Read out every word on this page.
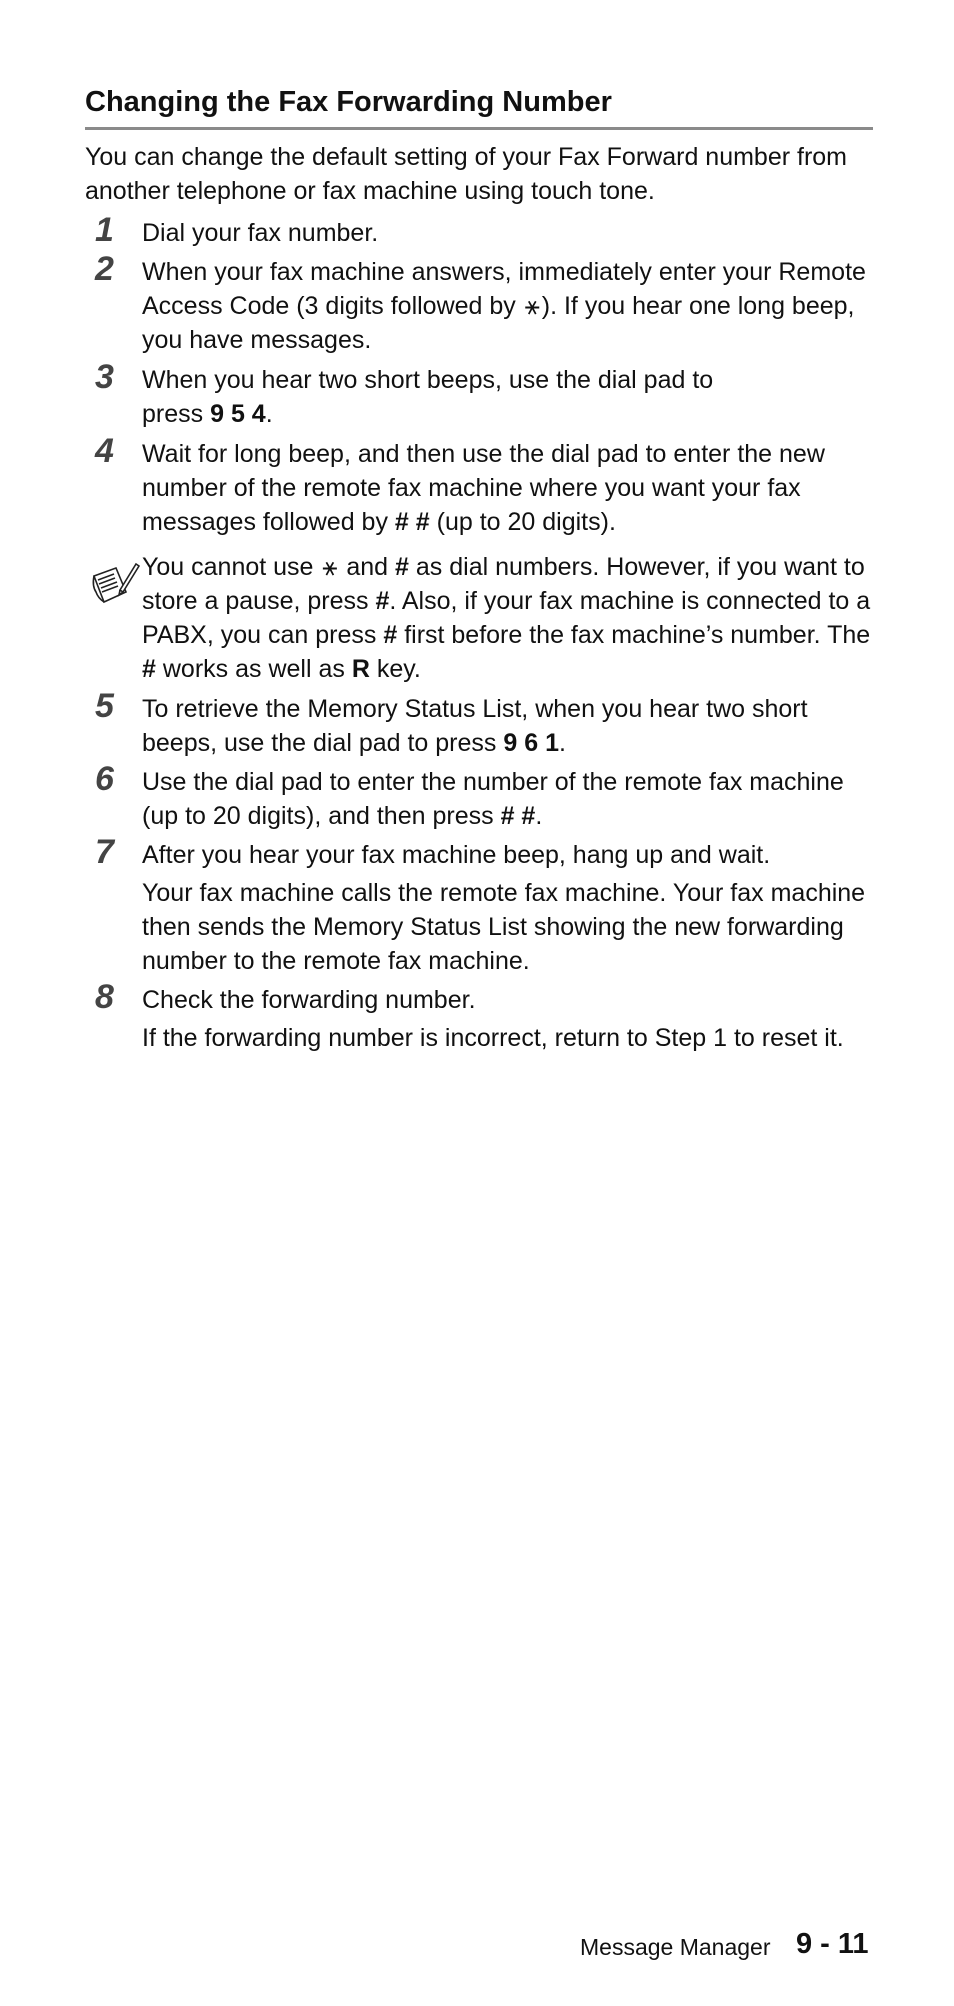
Changing the Fax Forwarding Number
You can change the default setting of your Fax Forward number from another telephone or fax machine using touch tone.
1	Dial your fax number.
2	When your fax machine answers, immediately enter your Remote Access Code (3 digits followed by ⚹). If you hear one long beep, you have messages.
3	When you hear two short beeps, use the dial pad to press 9 5 4.
4	Wait for long beep, and then use the dial pad to enter the new number of the remote fax machine where you want your fax messages followed by # # (up to 20 digits).
You cannot use ⚹ and # as dial numbers. However, if you want to store a pause, press #. Also, if your fax machine is connected to a PABX, you can press # first before the fax machine’s number. The # works as well as R key.
5	To retrieve the Memory Status List, when you hear two short beeps, use the dial pad to press 9 6 1.
6	Use the dial pad to enter the number of the remote fax machine (up to 20 digits), and then press # #.
7	After you hear your fax machine beep, hang up and wait.
Your fax machine calls the remote fax machine. Your fax machine then sends the Memory Status List showing the new forwarding number to the remote fax machine.
8	Check the forwarding number.
If the forwarding number is incorrect, return to Step 1 to reset it.
Message Manager 9 - 11
